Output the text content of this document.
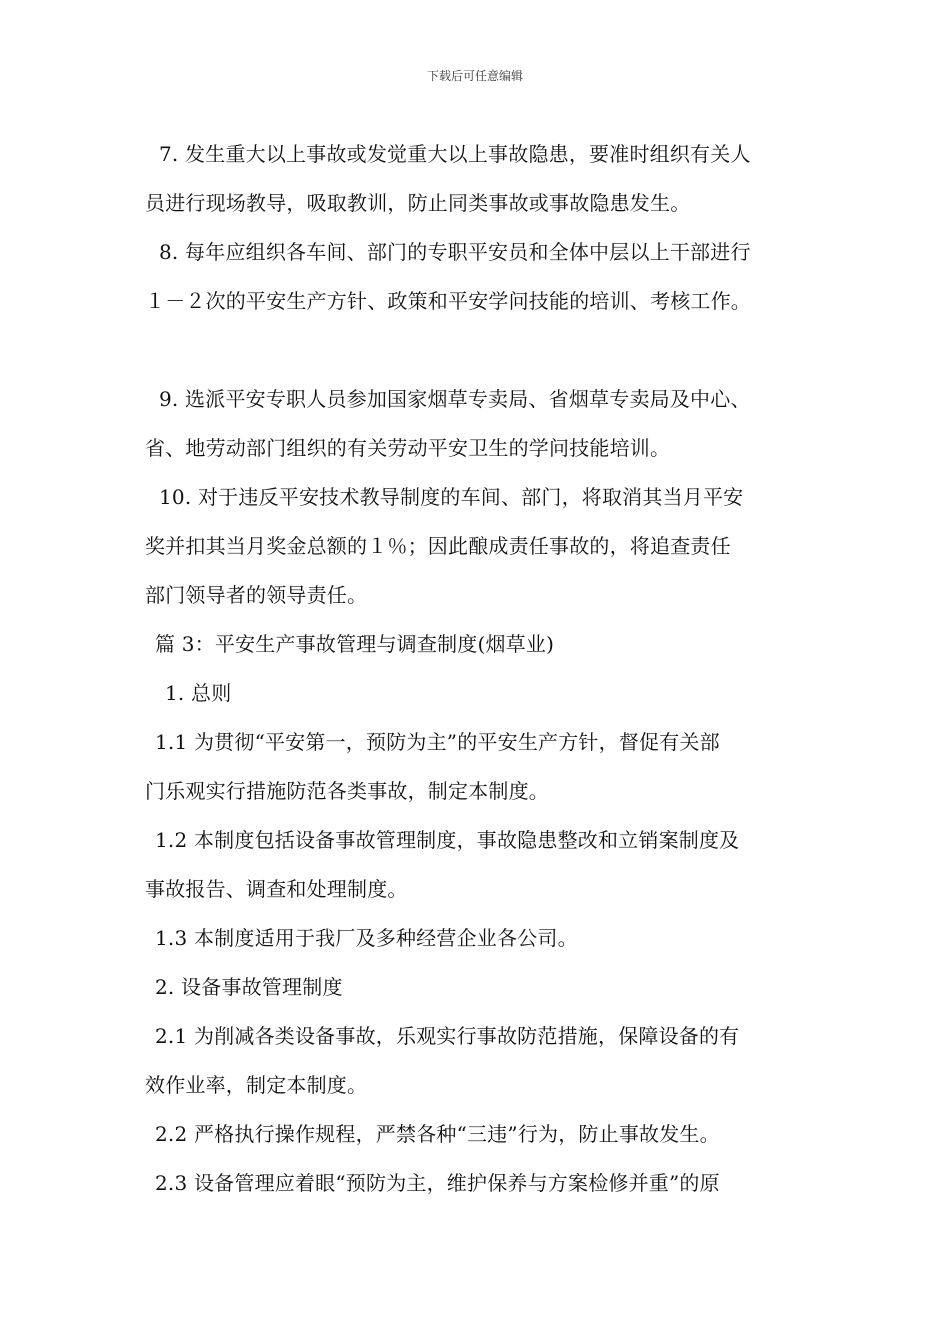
下载后可任意编辑
7. 发生重大以上事故或发觉重大以上事故隐患，要准时组织有关人
员进行现场教导，吸取教训，防止同类事故或事故隐患发生。
8. 每年应组织各车间、部门的专职平安员和全体中层以上干部进行
１－２次的平安生产方针、政策和平安学问技能的培训、考核工作。
9. 选派平安专职人员参加国家烟草专卖局、省烟草专卖局及中心、
省、地劳动部门组织的有关劳动平安卫生的学问技能培训。
10. 对于违反平安技术教导制度的车间、部门，将取消其当月平安
奖并扣其当月奖金总额的１％；因此酿成责任事故的，将追查责任
部门领导者的领导责任。
篇 3：平安生产事故管理与调查制度(烟草业)
1. 总则
1.1 为贯彻“平安第一，预防为主”的平安生产方针，督促有关部
门乐观实行措施防范各类事故，制定本制度。
1.2 本制度包括设备事故管理制度，事故隐患整改和立销案制度及
事故报告、调查和处理制度。
1.3 本制度适用于我厂及多种经营企业各公司。
2. 设备事故管理制度
2.1 为削减各类设备事故，乐观实行事故防范措施，保障设备的有
效作业率，制定本制度。
2.2 严格执行操作规程，严禁各种“三违”行为，防止事故发生。
2.3 设备管理应着眼“预防为主，维护保养与方案检修并重”的原
